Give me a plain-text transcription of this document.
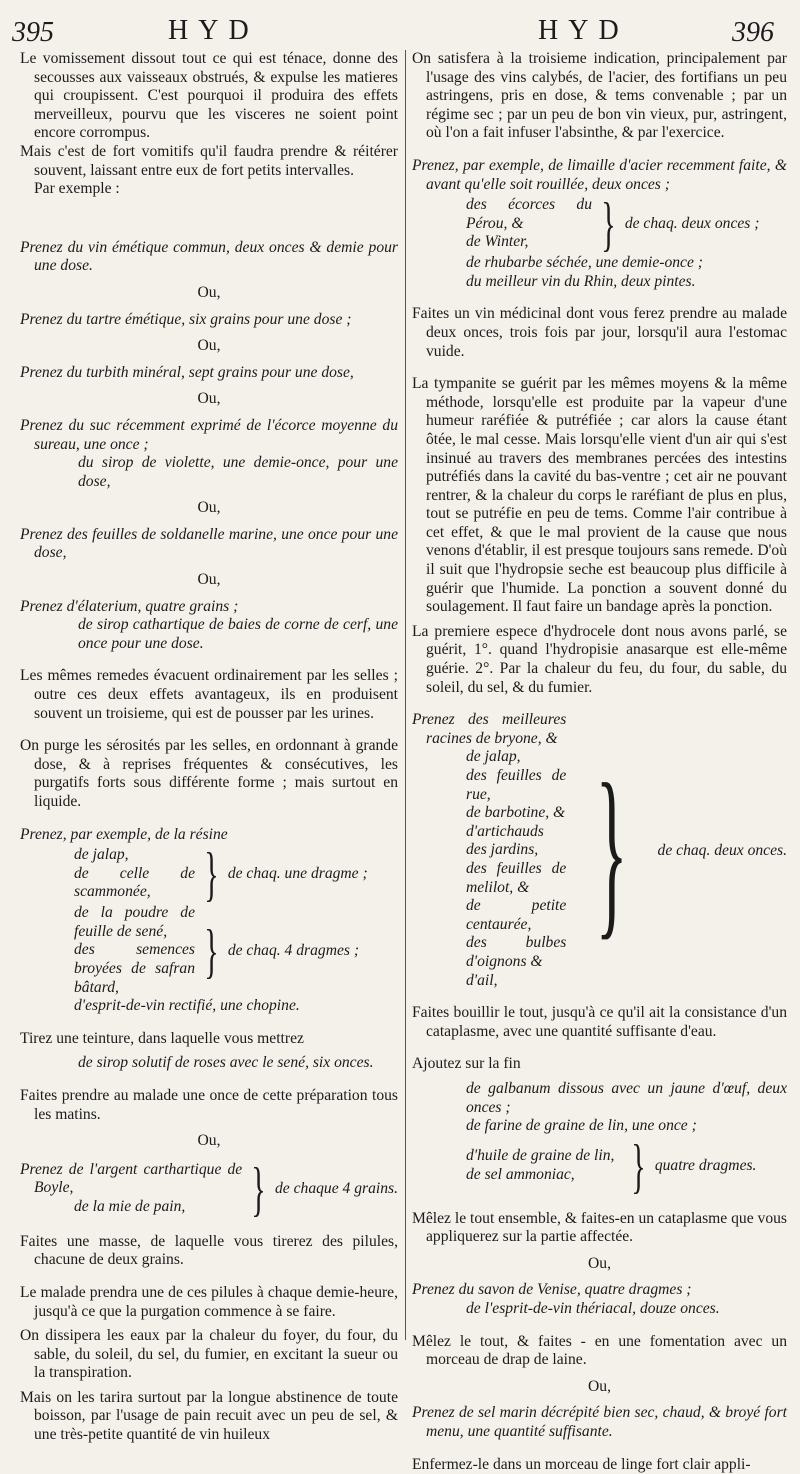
395	HYD	HYD	396

Le vomissement dissout tout ce qui est ténace, donne des secousses aux vaisseaux obstrués, & expulse les matieres qui croupissent. C'est pourquoi il produira des effets merveilleux, pourvu que les visceres ne soient point encore corrompus.

Mais c'est de fort vomitifs qu'il faudra prendre & réitérer souvent, laissant entre eux de fort petits intervalles.

Par exemple :

Prenez du vin émétique commun, deux onces & demie pour une dose.

Ou,

Prenez du tartre émétique, six grains pour une dose ;

Ou,

Prenez du turbith minéral, sept grains pour une dose,

Ou,

Prenez du suc récemment exprimé de l'écorce moyenne du sureau, une once ;

du sirop de violette, une demie-once, pour une dose,

Ou,

Prenez des feuilles de soldanelle marine, une once pour une dose,

Ou,

Prenez d'élaterium, quatre grains ;

de sirop cathartique de baies de corne de cerf, une once pour une dose.

Les mêmes remedes évacuent ordinairement par les selles ; outre ces deux effets avantageux, ils en produisent souvent un troisieme, qui est de pousser par les urines.

On purge les sérosités par les selles, en ordonnant à grande dose, & à reprises fréquentes & consécutives, les purgatifs forts sous différente forme ; mais surtout en liquide.

Prenez, par exemple, de la résine

de jalap,

de celle de scammonée, } de chaq. une dragme ;

de la poudre de feuille de sené,

des semences broyées de safran bâtard,

} de chaq. 4 dragmes ;

d'esprit-de-vin rectifié, une chopine.

Tirez une teinture, dans laquelle vous mettrez

de sirop solutif de roses avec le sené, six onces.

Faites prendre au malade une once de cette préparation tous les matins.

Ou,

Prenez de l'argent carthartique de Boyle,

de la mie de pain,	} de chaque 4 grains.

Faites une masse, de laquelle vous tirerez des pilules, chacune de deux grains.

Le malade prendra une de ces pilules à chaque demie-heure, jusqu'à ce que la purgation commence à se faire.

On dissipera les eaux par la chaleur du foyer, du four, du sable, du soleil, du sel, du fumier, en excitant la sueur ou la transpiration.

Mais on les tarira surtout par la longue abstinence de toute boisson, par l'usage de pain recuit avec un peu de sel, & une très-petite quantité de vin huileux

On satisfera à la troisieme indication, principalement par l'usage des vins calybés, de l'acier, des fortifians un peu astringens, pris en dose, & tems convenable ; par un régime sec ; par un peu de bon vin vieux, pur, astringent, où l'on a fait infuser l'absinthe, & par l'exercice.

Prenez, par exemple, de limaille d'acier recemment faite, & avant qu'elle soit rouillée, deux onces ;

des écorces du Pérou, &

de Winter,	} de chaq. deux onces ;

de rhubarbe séchée, une demie-once ;

du meilleur vin du Rhin, deux pintes.

Faites un vin médicinal dont vous ferez prendre au malade deux onces, trois fois par jour, lorsqu'il aura l'estomac vuide.

La tympanite se guérit par les mêmes moyens & la même méthode, lorsqu'elle est produite par la vapeur d'une humeur raréfiée & putréfiée ; car alors la cause étant ôtée, le mal cesse. Mais lorsqu'elle vient d'un air qui s'est insinué au travers des membranes percées des intestins putréfiés dans la cavité du bas-ventre ; cet air ne pouvant rentrer, & la chaleur du corps le raréfiant de plus en plus, tout se putréfie en peu de tems. Comme l'air contribue à cet effet, & que le mal provient de la cause que nous venons d'établir, il est presque toujours sans remede. D'où il suit que l'hydropsie seche est beaucoup plus difficile à guérir que l'humide. La ponction a souvent donné du soulagement. Il faut faire un bandage après la ponction.

La premiere espece d'hydrocele dont nous avons parlé, se guérit, 1°. quand l'hydropisie anasarque est elle-même guérie. 2°. Par la chaleur du feu, du four, du sable, du soleil, du sel, & du fumier.

Prenez des meilleures racines de bryone, &

de jalap,

des feuilles de rue,

de barbotine, &

d'artichauds des jardins,

des feuilles de melilot, &

de petite centaurée,

des bulbes d'oignons &

d'ail,

} de chaq. deux onces.

Faites bouillir le tout, jusqu'à ce qu'il ait la consistance d'un cataplasme, avec une quantité suffisante d'eau.

Ajoutez sur la fin

de galbanum dissous avec un jaune d'œuf, deux onces ;

de farine de graine de lin, une once ;

d'huile de graine de lin,

de sel ammoniac, } quatre dragmes.

Mêlez le tout ensemble, & faites-en un cataplasme que vous appliquerez sur la partie affectée.

Ou,

Prenez du savon de Venise, quatre dragmes ;

de l'esprit-de-vin thériacal, douze onces.

Mêlez le tout, & faites - en une fomentation avec un morceau de drap de laine.

Ou,

Prenez de sel marin décrépité bien sec, chaud, & broyé fort menu, une quantité suffisante.

Enfermez-le dans un morceau de linge fort clair appli-
